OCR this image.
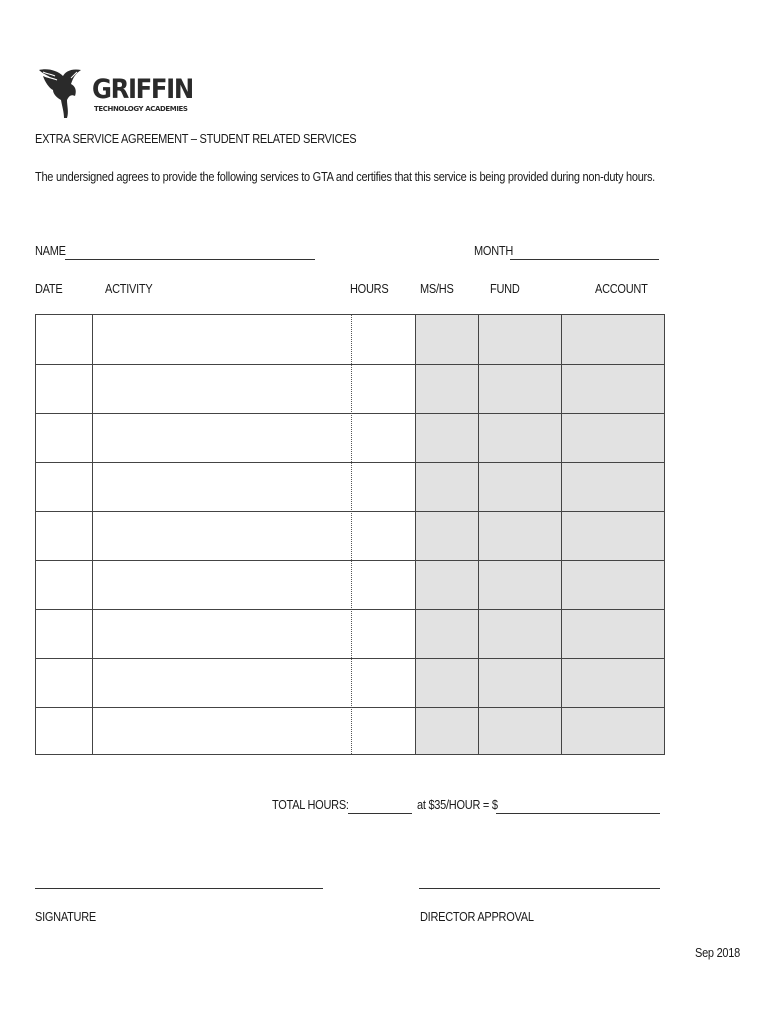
GRIFFIN
TECHNOLOGY ACADEMIES
EXTRA SERVICE AGREEMENT – STUDENT RELATED SERVICES
The undersigned agrees to provide the following services to GTA and certifies that this service is being provided during non-duty hours.
NAME	MONTH
DATE	ACTIVITY	HOURS	MS/HS	FUND	ACCOUNT
TOTAL HOURS:	at $35/HOUR = $
SIGNATURE	DIRECTOR APPROVAL
Sep 2018
